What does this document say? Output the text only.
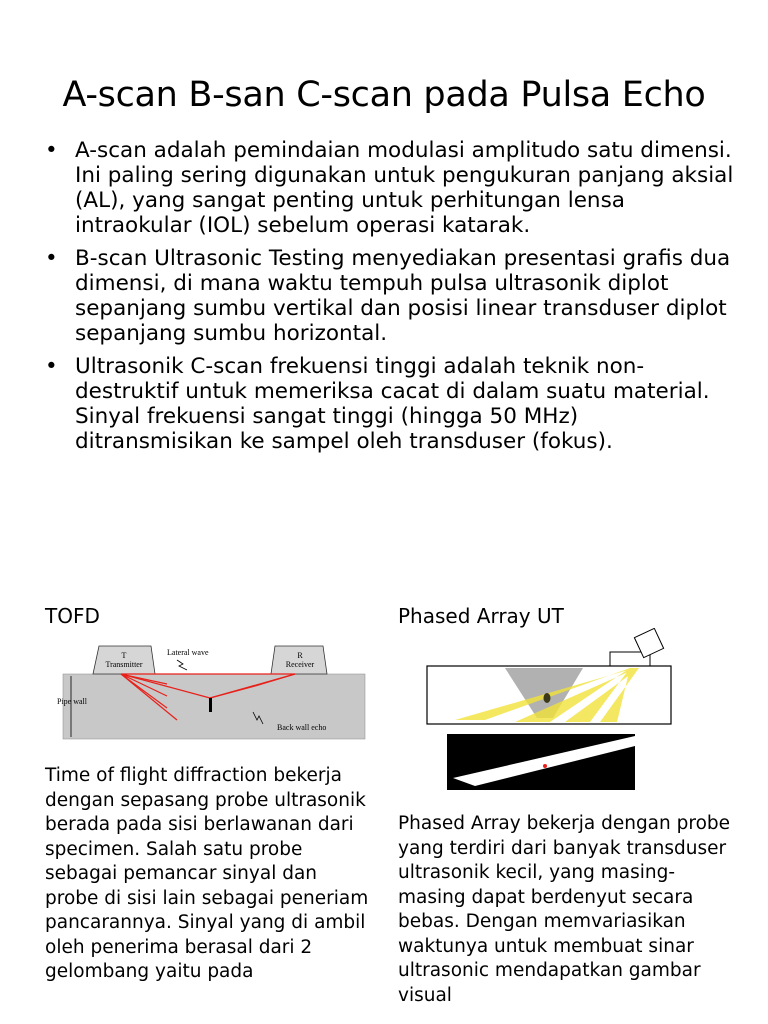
A-scan B-san C-scan pada Pulsa Echo
• A-scan adalah pemindaian modulasi amplitudo satu dimensi. Ini paling sering digunakan untuk pengukuran panjang aksial (AL), yang sangat penting untuk perhitungan lensa intraokular (IOL) sebelum operasi katarak.
• B-scan Ultrasonic Testing menyediakan presentasi grafis dua dimensi, di mana waktu tempuh pulsa ultrasonik diplot sepanjang sumbu vertikal dan posisi linear transduser diplot sepanjang sumbu horizontal.
• Ultrasonik C-scan frekuensi tinggi adalah teknik non-destruktif untuk memeriksa cacat di dalam suatu material. Sinyal frekuensi sangat tinggi (hingga 50 MHz) ditransmisikan ke sampel oleh transduser (fokus).
TOFD
T
Transmitter
R
Receiver
Lateral wave
Pipe wall
Back wall echo

Time of flight diffraction bekerja dengan sepasang probe ultrasonik berada pada sisi berlawanan dari specimen. Salah satu probe sebagai pemancar sinyal dan probe di sisi lain sebagai peneriam pancarannya. Sinyal yang di ambil oleh penerima berasal dari 2 gelombang yaitu pada

Phased Array UT

Phased Array bekerja dengan probe yang terdiri dari banyak transduser ultrasonik kecil, yang masing-masing dapat berdenyut secara bebas. Dengan memvariasikan waktunya untuk membuat sinar ultrasonic mendapatkan gambar visual
